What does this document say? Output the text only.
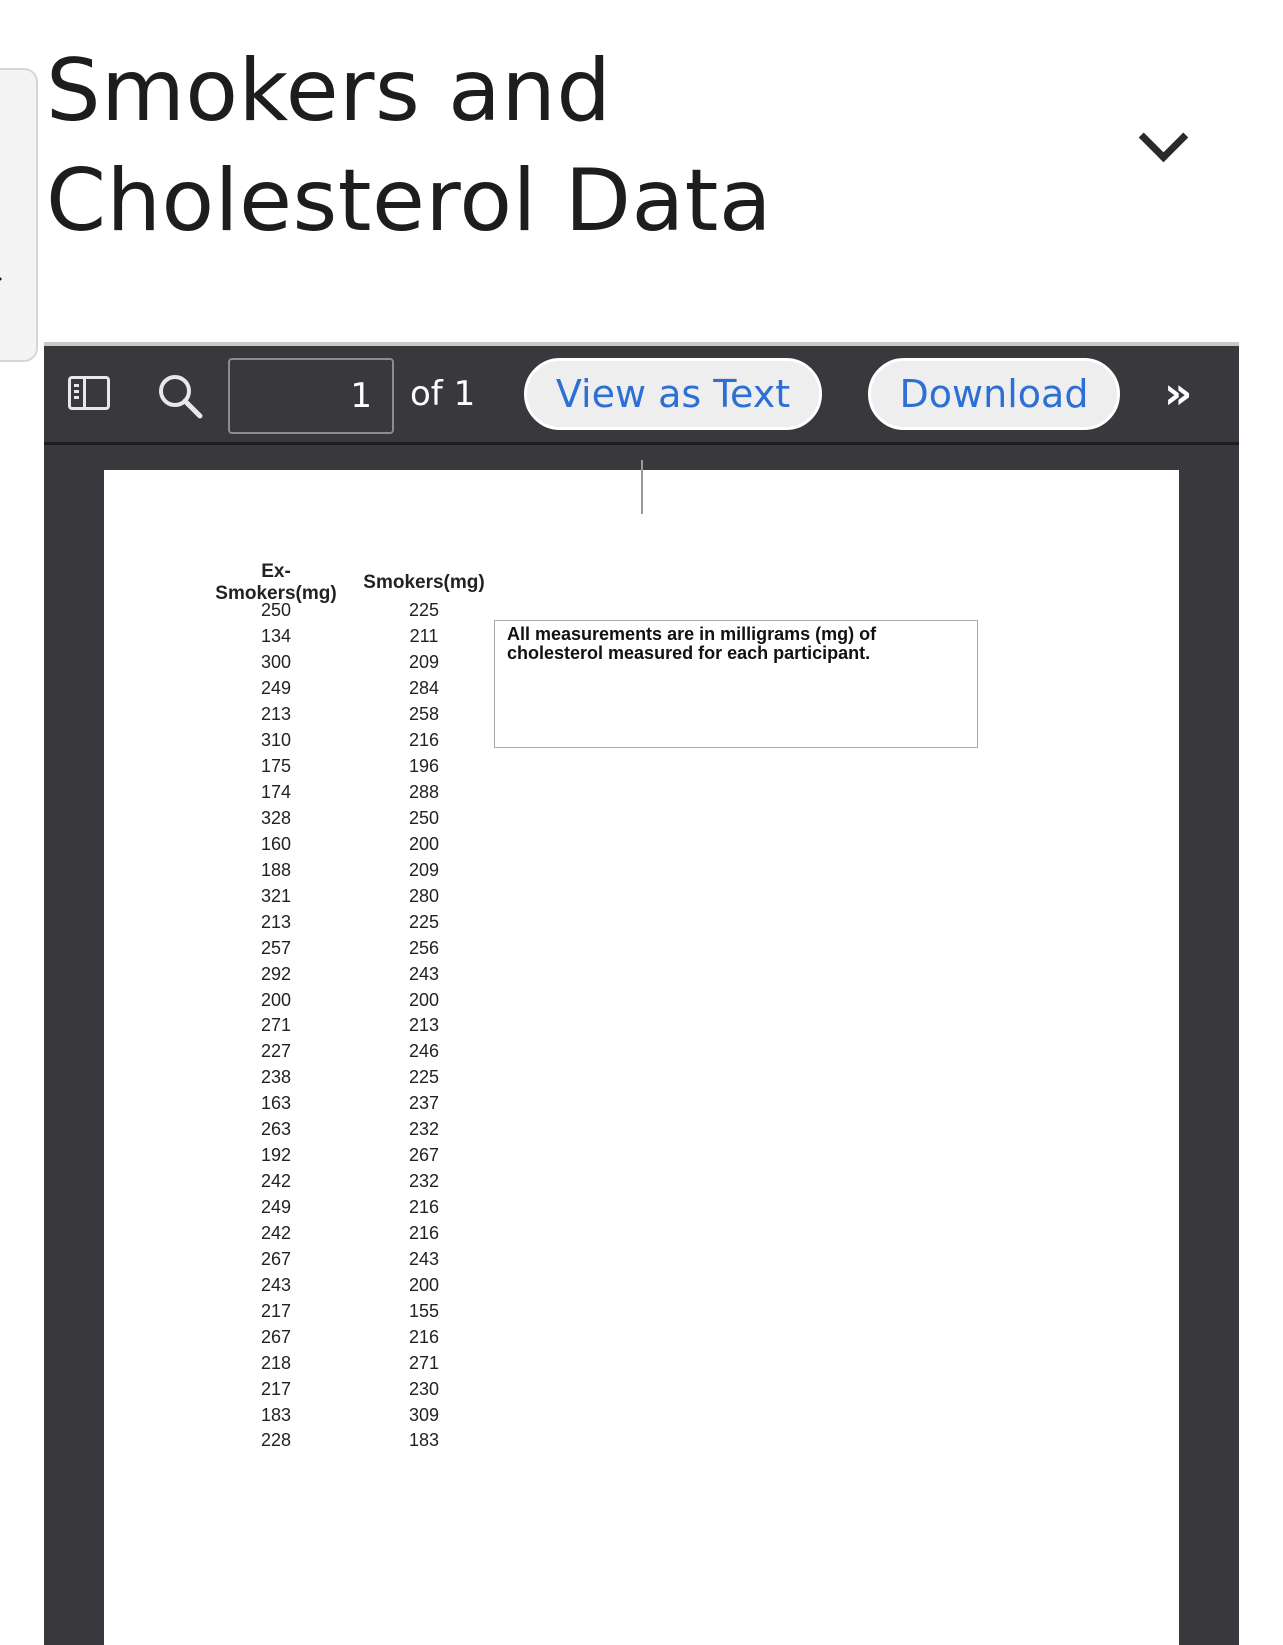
Smokers and Cholesterol Data
1
of 1	View as Text	Download	»
Ex-Smokers(mg)
Smokers(mg)
250	225
134	211
300	209
249	284
213	258
310	216
175	196
174	288
328	250
160	200
188	209
321	280
213	225
257	256
292	243
200	200
271	213
227	246
238	225
163	237
263	232
192	267
242	232
249	216
242	216
267	243
243	200
217	155
267	216
218	271
217	230
183	309
228	183
All measurements are in milligrams (mg) of cholesterol measured for each participant.
